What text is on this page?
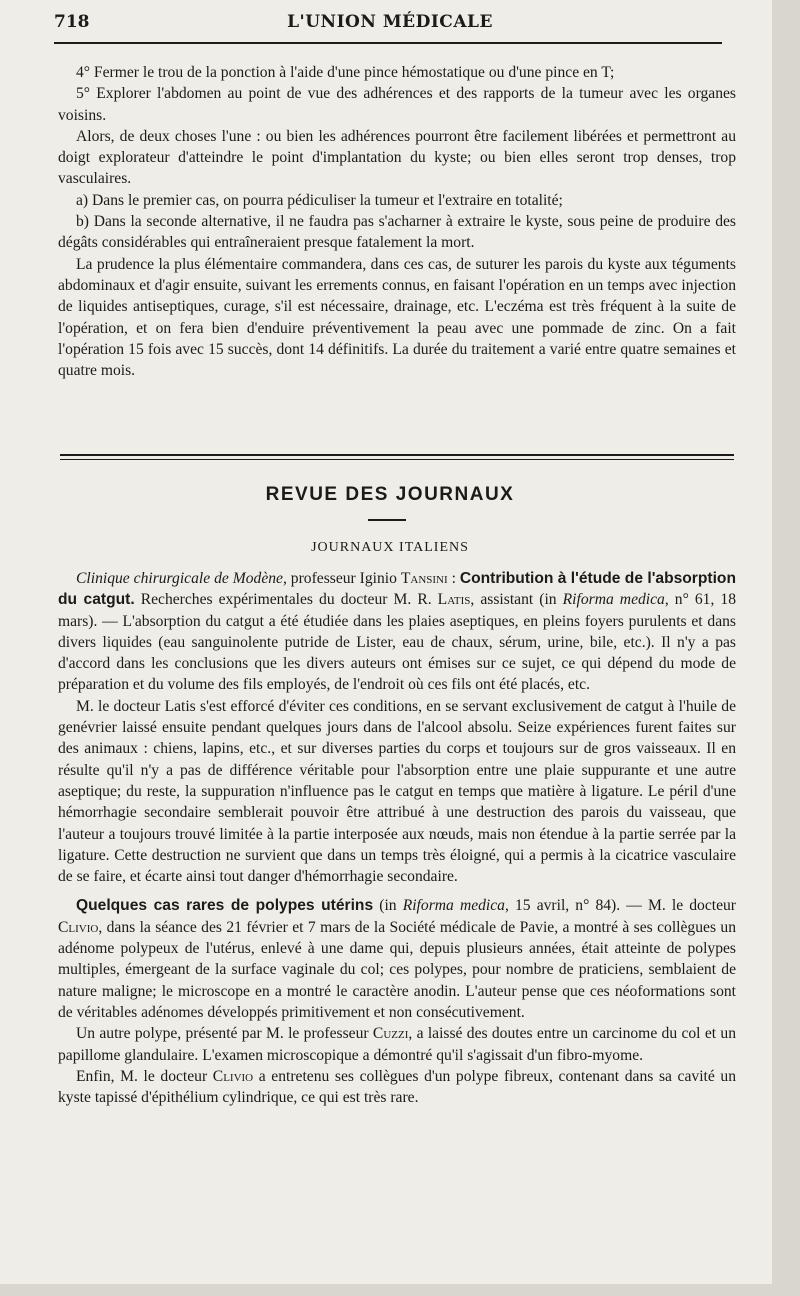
718	L'UNION MÉDICALE

4° Fermer le trou de la ponction à l'aide d'une pince hémostatique ou d'une pince en T;

5° Explorer l'abdomen au point de vue des adhérences et des rapports de la tumeur avec les organes voisins.

Alors, de deux choses l'une : ou bien les adhérences pourront être facilement libérées et permettront au doigt explorateur d'atteindre le point d'implantation du kyste; ou bien elles seront trop denses, trop vasculaires.

a) Dans le premier cas, on pourra pédiculiser la tumeur et l'extraire en totalité;

b) Dans la seconde alternative, il ne faudra pas s'acharner à extraire le kyste, sous peine de produire des dégâts considérables qui entraîneraient presque fatalement la mort.

La prudence la plus élémentaire commandera, dans ces cas, de suturer les parois du kyste aux téguments abdominaux et d'agir ensuite, suivant les errements connus, en faisant l'opération en un temps avec injection de liquides antiseptiques, curage, s'il est nécessaire, drainage, etc. L'eczéma est très fréquent à la suite de l'opération, et on fera bien d'enduire préventivement la peau avec une pommade de zinc. On a fait l'opération 15 fois avec 15 succès, dont 14 définitifs. La durée du traitement a varié entre quatre semaines et quatre mois.

REVUE DES JOURNAUX
JOURNAUX ITALIENS

Clinique chirurgicale de Modène, professeur Iginio Tansini : Contribution à l'étude de l'absorption du catgut. Recherches expérimentales du docteur M. R. Latis, assistant (in Riforma medica, n° 61, 18 mars). — L'absorption du catgut a été étudiée dans les plaies aseptiques, en pleins foyers purulents et dans divers liquides (eau sanguinolente putride de Lister, eau de chaux, sérum, urine, bile, etc.). Il n'y a pas d'accord dans les conclusions que les divers auteurs ont émises sur ce sujet, ce qui dépend du mode de préparation et du volume des fils employés, de l'endroit où ces fils ont été placés, etc.

M. le docteur Latis s'est efforcé d'éviter ces conditions, en se servant exclusivement de catgut à l'huile de genévrier laissé ensuite pendant quelques jours dans de l'alcool absolu. Seize expériences furent faites sur des animaux : chiens, lapins, etc., et sur diverses parties du corps et toujours sur de gros vaisseaux. Il en résulte qu'il n'y a pas de différence véritable pour l'absorption entre une plaie suppurante et une autre aseptique; du reste, la suppuration n'influence pas le catgut en temps que matière à ligature. Le péril d'une hémorrhagie secondaire semblerait pouvoir être attribué à une destruction des parois du vaisseau, que l'auteur a toujours trouvé limitée à la partie interposée aux nœuds, mais non étendue à la partie serrée par la ligature. Cette destruction ne survient que dans un temps très éloigné, qui a permis à la cicatrice vasculaire de se faire, et écarte ainsi tout danger d'hémorrhagie secondaire.

Quelques cas rares de polypes utérins (in Riforma medica, 15 avril, n° 84). — M. le docteur Clivio, dans la séance des 21 février et 7 mars de la Société médicale de Pavie, a montré à ses collègues un adénome polypeux de l'utérus, enlevé à une dame qui, depuis plusieurs années, était atteinte de polypes multiples, émergeant de la surface vaginale du col; ces polypes, pour nombre de praticiens, semblaient de nature maligne; le microscope en a montré le caractère anodin. L'auteur pense que ces néoformations sont de véritables adénomes développés primitivement et non consécutivement.

Un autre polype, présenté par M. le professeur Cuzzi, a laissé des doutes entre un carcinome du col et un papillome glandulaire. L'examen microscopique a démontré qu'il s'agissait d'un fibro-myome.

Enfin, M. le docteur Clivio a entretenu ses collègues d'un polype fibreux, contenant dans sa cavité un kyste tapissé d'épithélium cylindrique, ce qui est très rare.
